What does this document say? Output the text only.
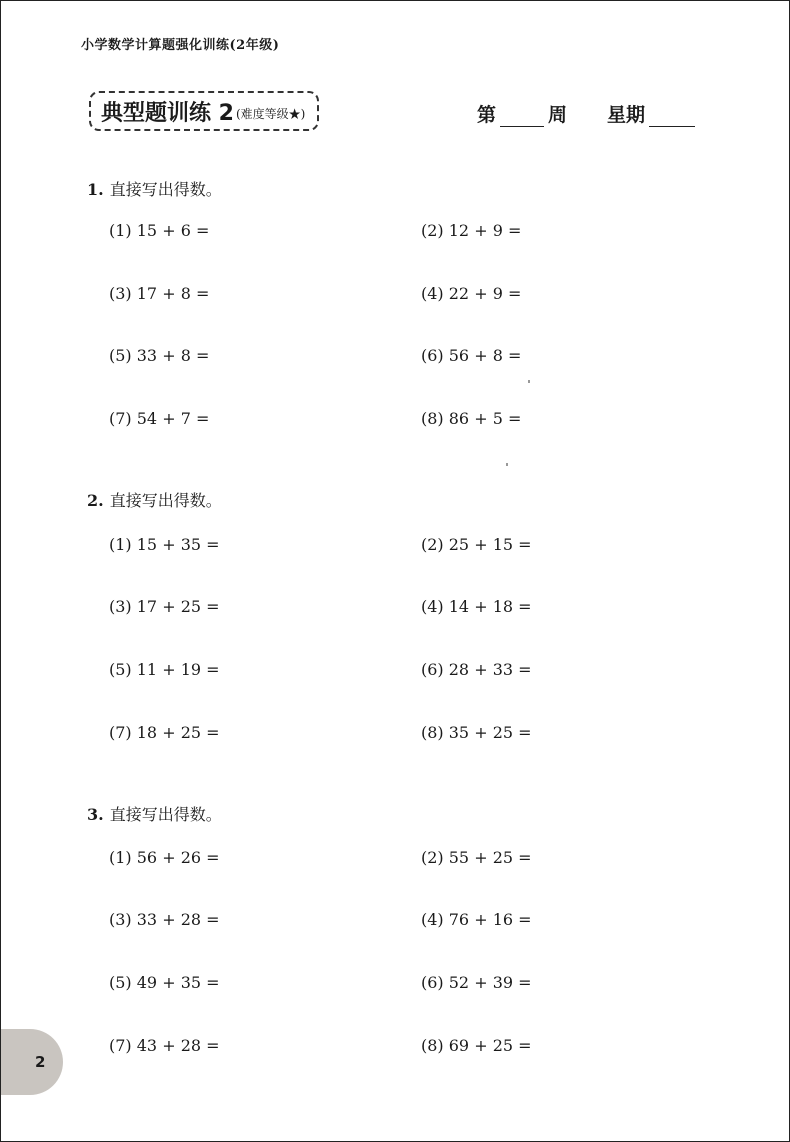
小学数学计算题强化训练(2年级)
典型题训练 2 (难度等级★)	第	周 星期
1. 直接写出得数。
(1) 15 + 6 =	(2) 12 + 9 =
(3) 17 + 8 =	(4) 22 + 9 =
(5) 33 + 8 =	(6) 56 + 8 =
(7) 54 + 7 =	(8) 86 + 5 =
2. 直接写出得数。
(1) 15 + 35 =	(2) 25 + 15 =
(3) 17 + 25 =	(4) 14 + 18 =
(5) 11 + 19 =	(6) 28 + 33 =
(7) 18 + 25 =	(8) 35 + 25 =
3. 直接写出得数。
(1) 56 + 26 =	(2) 55 + 25 =
(3) 33 + 28 =	(4) 76 + 16 =
(5) 49 + 35 =	(6) 52 + 39 =
(7) 43 + 28 =	(8) 69 + 25 =
2
